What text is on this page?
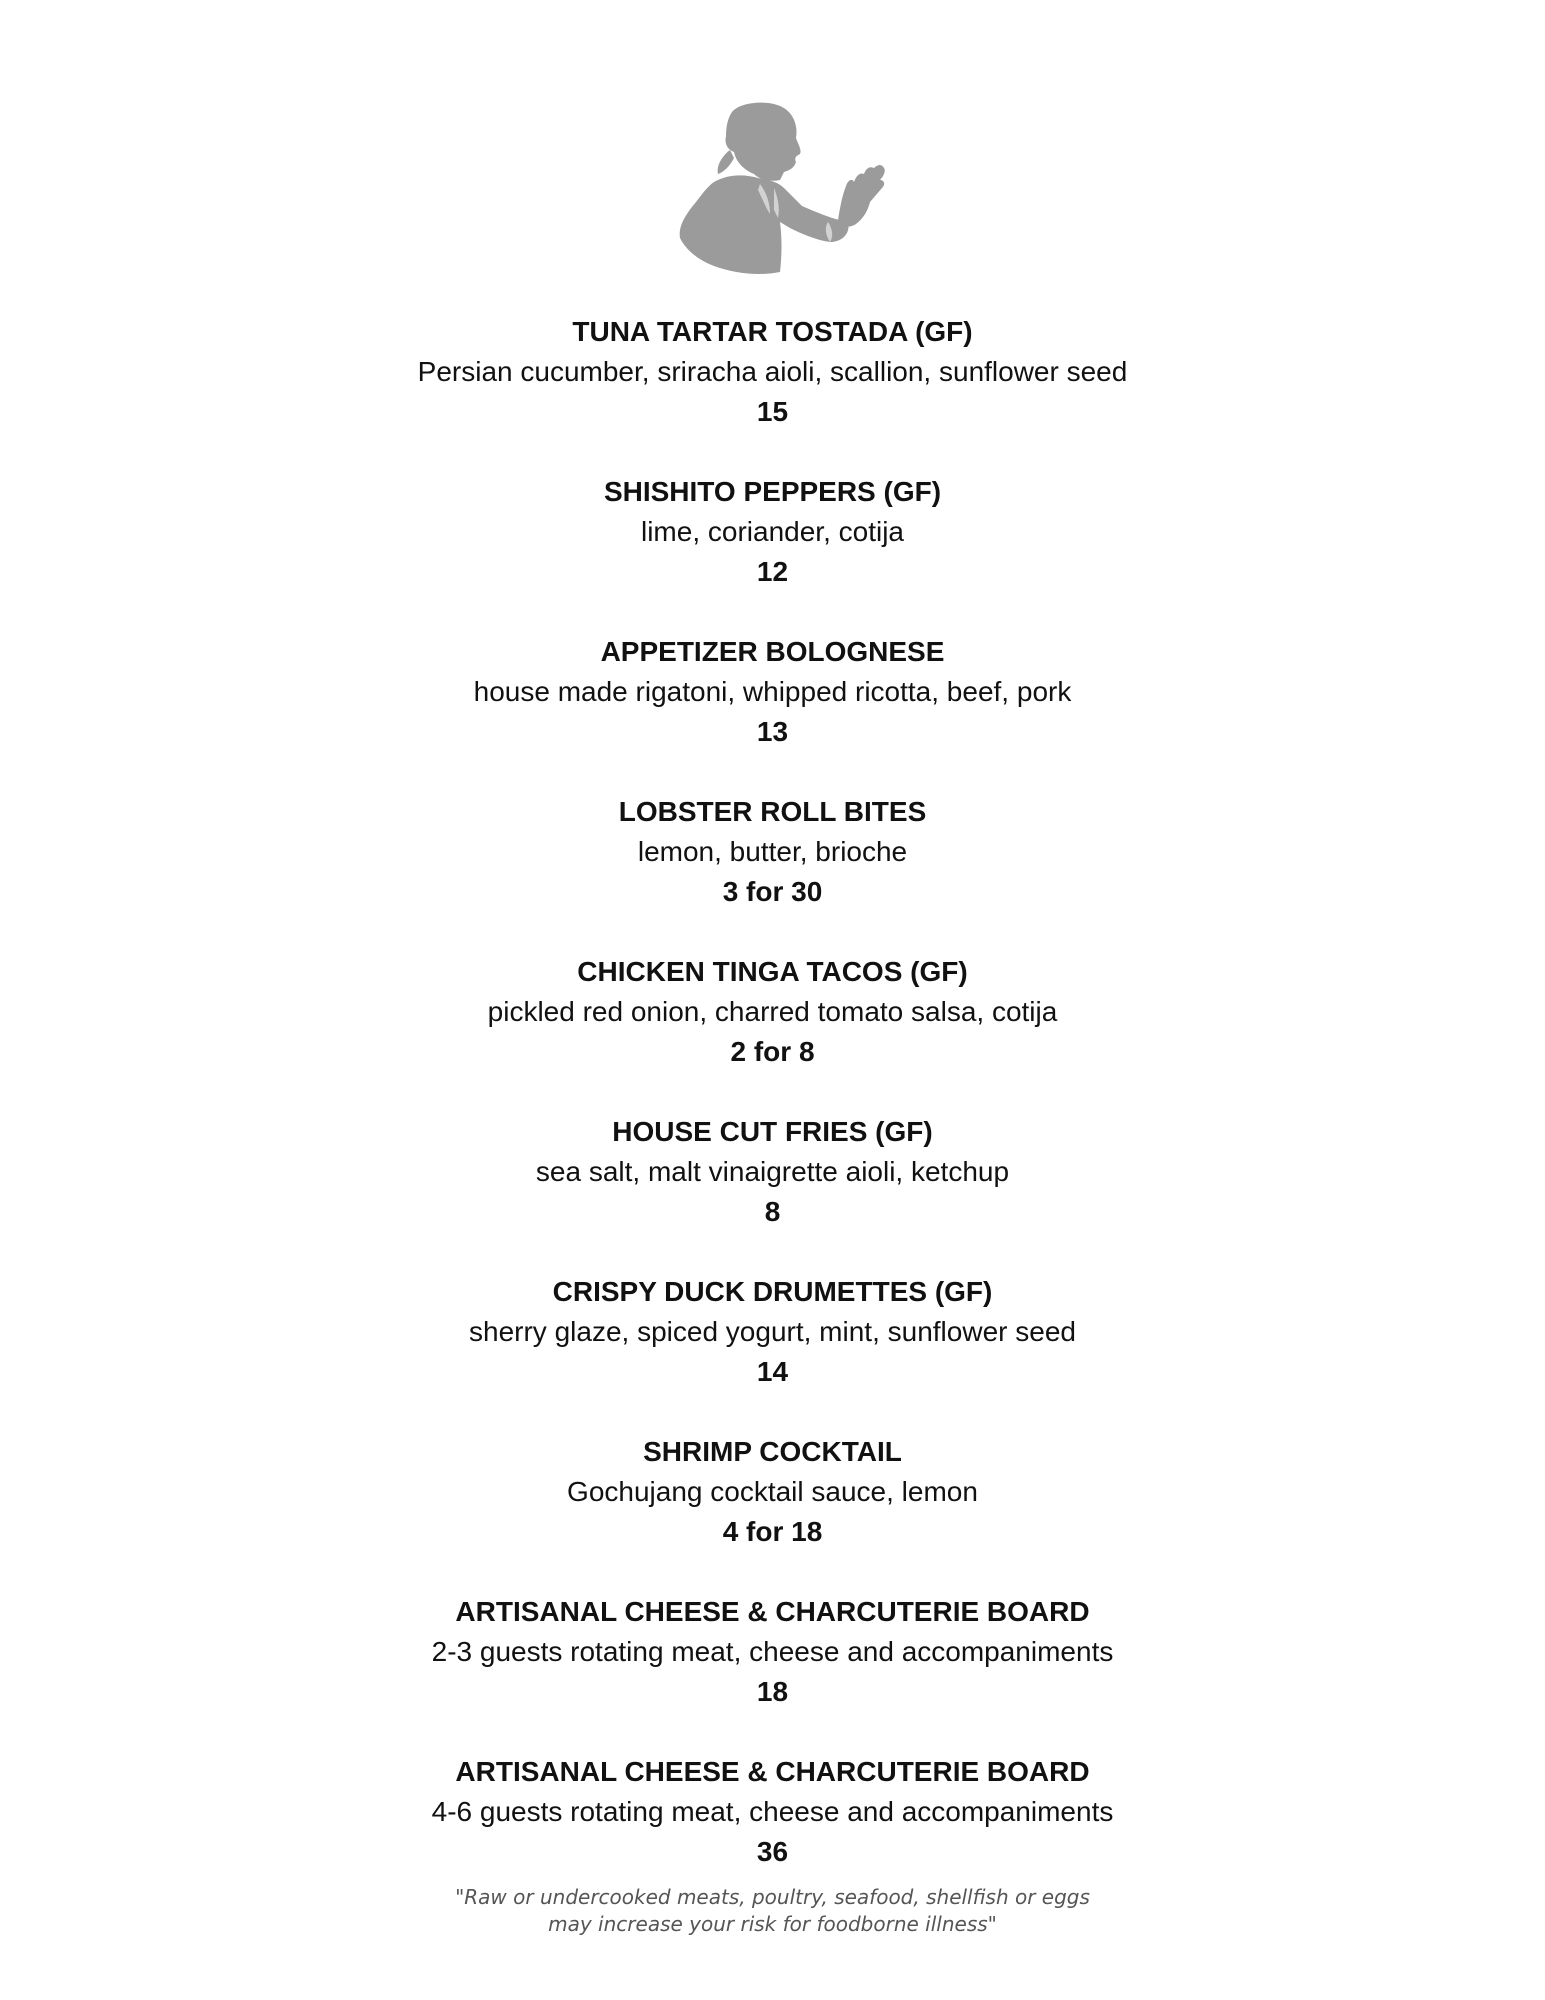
TUNA TARTAR TOSTADA (GF)
Persian cucumber, sriracha aioli, scallion, sunflower seed
15
SHISHITO PEPPERS (GF)
lime, coriander, cotija
12
APPETIZER BOLOGNESE
house made rigatoni, whipped ricotta, beef, pork
13
LOBSTER ROLL BITES
lemon, butter, brioche
3 for 30
CHICKEN TINGA TACOS (GF)
pickled red onion, charred tomato salsa, cotija
2 for 8
HOUSE CUT FRIES (GF)
sea salt, malt vinaigrette aioli, ketchup
8
CRISPY DUCK DRUMETTES (GF)
sherry glaze, spiced yogurt, mint, sunflower seed
14
SHRIMP COCKTAIL
Gochujang cocktail sauce, lemon
4 for 18
ARTISANAL CHEESE & CHARCUTERIE BOARD
2-3 guests rotating meat, cheese and accompaniments
18
ARTISANAL CHEESE & CHARCUTERIE BOARD
4-6 guests rotating meat, cheese and accompaniments
36
"Raw or undercooked meats, poultry, seafood, shellfish or eggs
may increase your risk for foodborne illness"
